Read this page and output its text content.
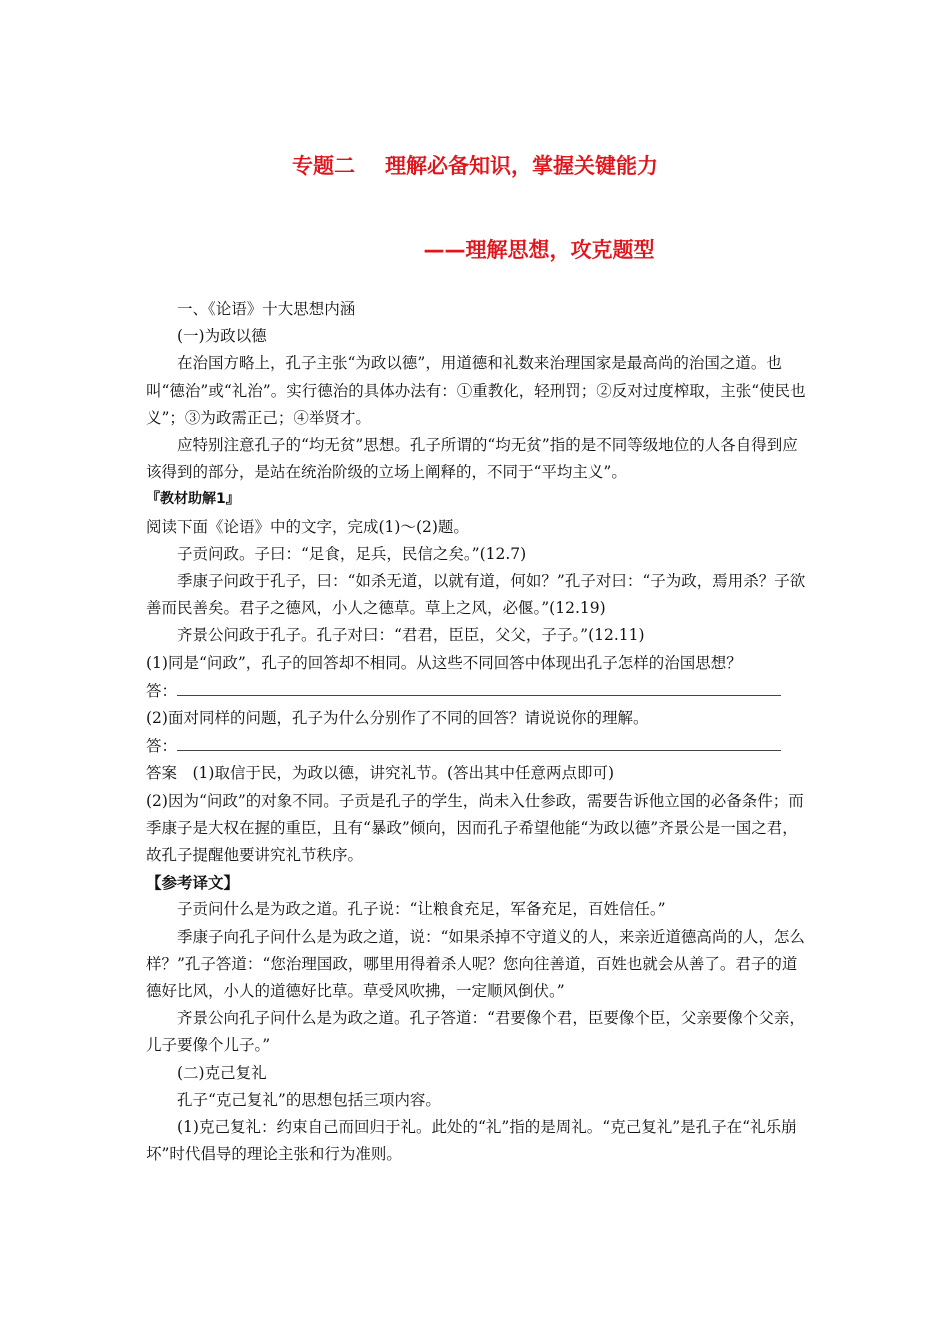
专题二 理解必备知识，掌握关键能力
——理解思想，攻克题型

一、《论语》十大思想内涵

(一)为政以德

在治国方略上，孔子主张“为政以德”，用道德和礼数来治理国家是最高尚的治国之道。也叫“德治”或“礼治”。实行德治的具体办法有：①重教化，轻刑罚；②反对过度榨取，主张“使民也义”；③为政需正己；④举贤才。

应特别注意孔子的“均无贫”思想。孔子所谓的“均无贫”指的是不同等级地位的人各自得到应该得到的部分，是站在统治阶级的立场上阐释的，不同于“平均主义”。

『教材助解1』

阅读下面《论语》中的文字，完成(1)～(2)题。

子贡问政。子曰：“足食，足兵，民信之矣。”(12.7)

季康子问政于孔子，曰：“如杀无道，以就有道，何如？”孔子对曰：“子为政，焉用杀？子欲善而民善矣。君子之德风，小人之德草。草上之风，必偃。”(12.19)

齐景公问政于孔子。孔子对曰：“君君，臣臣，父父，子子。”(12.11)

(1)同是“问政”，孔子的回答却不相同。从这些不同回答中体现出孔子怎样的治国思想？

答：

(2)面对同样的问题，孔子为什么分别作了不同的回答？请说说你的理解。

答：

答案　(1)取信于民，为政以德，讲究礼节。(答出其中任意两点即可)

(2)因为“问政”的对象不同。子贡是孔子的学生，尚未入仕参政，需要告诉他立国的必备条件；而季康子是大权在握的重臣，且有“暴政”倾向，因而孔子希望他能“为政以德”齐景公是一国之君，故孔子提醒他要讲究礼节秩序。

【参考译文】

子贡问什么是为政之道。孔子说：“让粮食充足，军备充足，百姓信任。”

季康子向孔子问什么是为政之道，说：“如果杀掉不守道义的人，来亲近道德高尚的人，怎么样？”孔子答道：“您治理国政，哪里用得着杀人呢？您向往善道，百姓也就会从善了。君子的道德好比风，小人的道德好比草。草受风吹拂，一定顺风倒伏。”

齐景公向孔子问什么是为政之道。孔子答道：“君要像个君，臣要像个臣，父亲要像个父亲，儿子要像个儿子。”

(二)克己复礼

孔子“克己复礼”的思想包括三项内容。

(1)克己复礼：约束自己而回归于礼。此处的“礼”指的是周礼。“克己复礼”是孔子在“礼乐崩坏”时代倡导的理论主张和行为准则。
